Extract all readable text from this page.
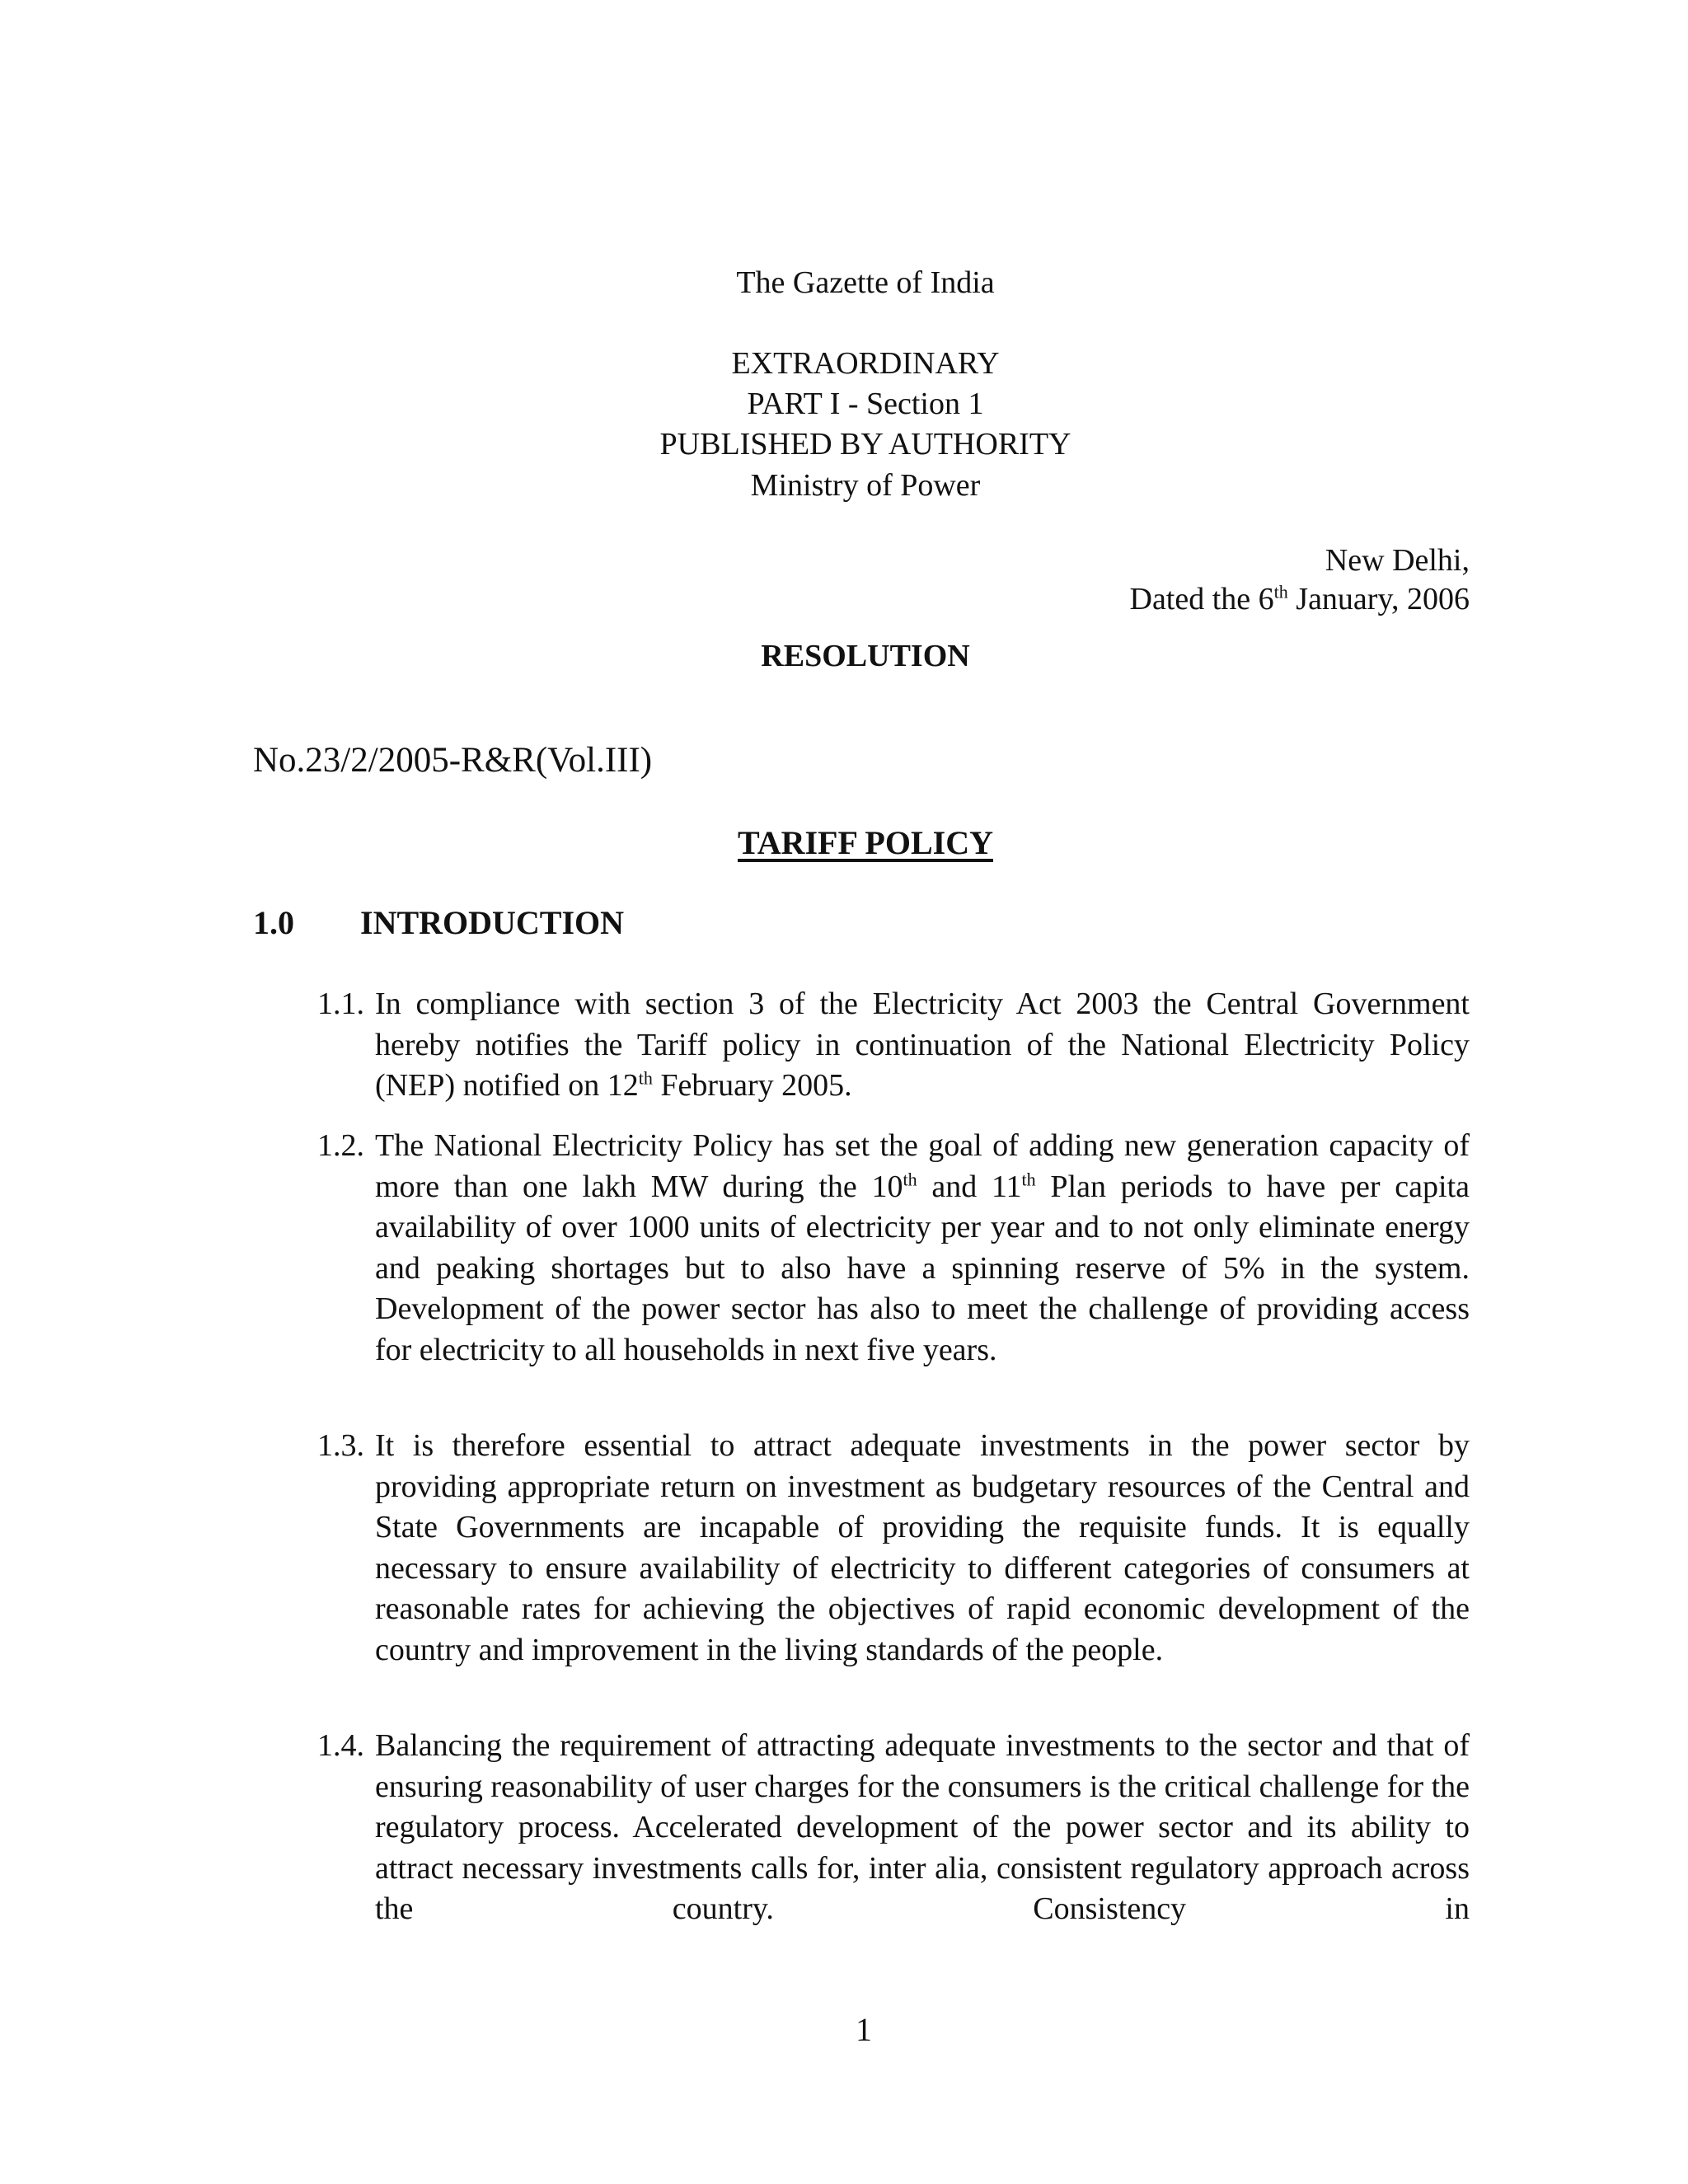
The Gazette of India
EXTRAORDINARY
PART I - Section 1
PUBLISHED BY AUTHORITY
Ministry of Power
New Delhi,
Dated the 6th January, 2006
RESOLUTION
No.23/2/2005-R&R(Vol.III)
TARIFF POLICY
1.0	INTRODUCTION
1.1. In compliance with section 3 of the Electricity Act 2003 the Central Government hereby notifies the Tariff policy in continuation of the National Electricity Policy (NEP) notified on 12th February 2005.
1.2. The National Electricity Policy has set the goal of adding new generation capacity of more than one lakh MW during the 10th and 11th Plan periods to have per capita availability of over 1000 units of electricity per year and to not only eliminate energy and peaking shortages but to also have a spinning reserve of 5% in the system. Development of the power sector has also to meet the challenge of providing access for electricity to all households in next five years.
1.3. It is therefore essential to attract adequate investments in the power sector by providing appropriate return on investment as budgetary resources of the Central and State Governments are incapable of providing the requisite funds. It is equally necessary to ensure availability of electricity to different categories of consumers at reasonable rates for achieving the objectives of rapid economic development of the country and improvement in the living standards of the people.
1.4. Balancing the requirement of attracting adequate investments to the sector and that of ensuring reasonability of user charges for the consumers is the critical challenge for the regulatory process. Accelerated development of the power sector and its ability to attract necessary investments calls for, inter alia, consistent regulatory approach across the country. Consistency in
1
